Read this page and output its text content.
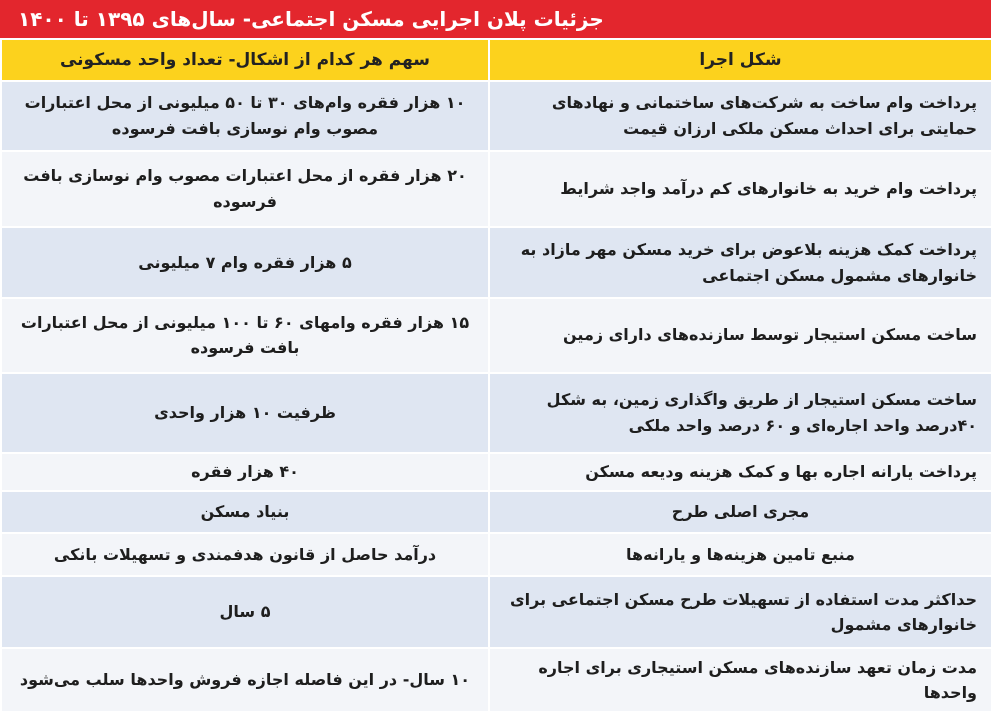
جزئیات پلان اجرایی مسکن اجتماعی- سال‌های ۱۳۹۵ تا ۱۴۰۰
شکل اجرا	سهم هر کدام از اشکال- تعداد واحد مسکونی
پرداخت وام ساخت به شرکت‌های ساختمانی و نهادهای حمایتی برای احداث مسکن ملکی ارزان قیمت	۱۰ هزار فقره وام‌های ۳۰ تا ۵۰ میلیونی از محل اعتبارات مصوب وام نوسازی بافت فرسوده
پرداخت وام خرید به خانوارهای کم درآمد واجد شرایط	۲۰ هزار فقره از محل اعتبارات مصوب وام نوسازی بافت فرسوده
پرداخت کمک هزینه بلاعوض برای خرید مسکن مهر مازاد به خانوارهای مشمول مسکن اجتماعی	۵ هزار فقره وام ۷ میلیونی
ساخت مسکن استیجار توسط سازنده‌های دارای زمین	۱۵ هزار فقره وامهای ۶۰ تا ۱۰۰ میلیونی از محل اعتبارات بافت فرسوده
ساخت مسکن استیجار از طریق واگذاری زمین، به شکل ۴۰درصد واحد اجاره‌ای و ۶۰ درصد واحد ملکی	ظرفیت ۱۰ هزار واحدی
پرداخت یارانه اجاره بها و کمک هزینه ودیعه مسکن	۴۰ هزار فقره
مجری اصلی طرح	بنیاد مسکن
منبع تامین هزینه‌ها و یارانه‌ها	درآمد حاصل از قانون هدفمندی و تسهیلات بانکی
حداکثر مدت استفاده از تسهیلات طرح مسکن اجتماعی برای خانوارهای مشمول	۵ سال
مدت زمان تعهد سازنده‌های مسکن استیجاری برای اجاره واحدها	۱۰ سال- در این فاصله اجازه فروش واحدها سلب می‌شود
